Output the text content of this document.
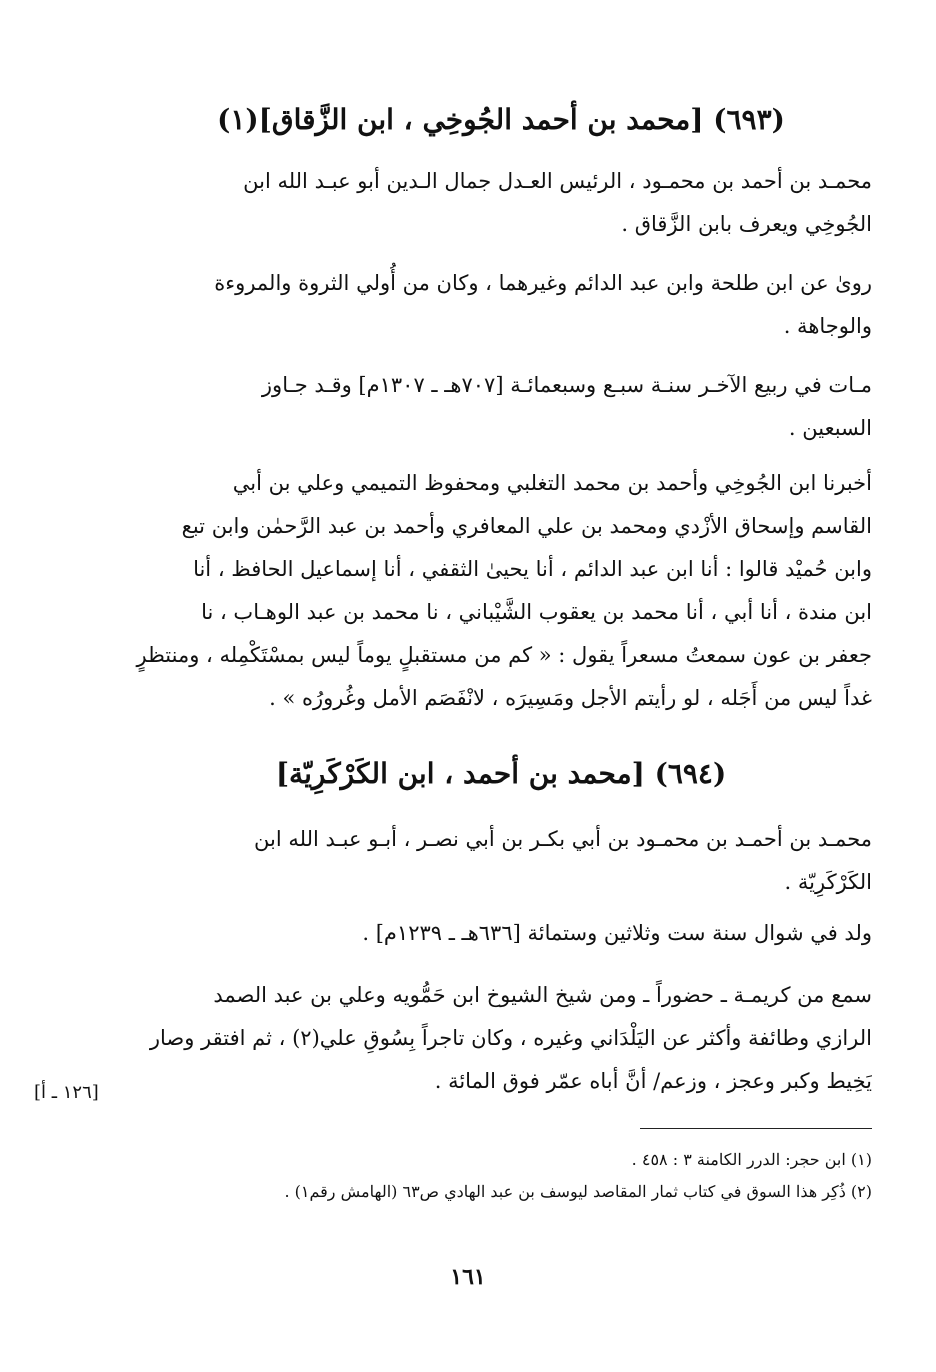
(٦٩٣) [محمد بن أحمد الجُوخِي ، ابن الزَّقاق](١)
محمـد بن أحمد بن محمـود ، الرئيس العـدل جمال الـدين أبو عبـد الله ابن
الجُوخِي ويعرف بابن الزَّقاق .
روىٰ عن ابن طلحة وابن عبد الدائم وغيرهما ، وكان من أُولي الثروة والمروءة
والوجاهة .
مـات في ربيع الآخـر سنـة سبـع وسبعمائـة [٧٠٧هـ ـ ١٣٠٧م] وقـد جـاوز
السبعين .
أخبرنا ابن الجُوخِي وأحمد بن محمد التغلبي ومحفوظ التميمي وعلي بن أبي
القاسم وإسحاق الأزْدي ومحمد بن علي المعافري وأحمد بن عبد الرَّحمٰن وابن تبع
وابن حُميْد قالوا : أنا ابن عبد الدائم ، أنا يحيىٰ الثقفي ، أنا إسماعيل الحافظ ، أنا
ابن مندة ، أنا أبي ، أنا محمد بن يعقوب الشَّيْباني ، نا محمد بن عبد الوهـاب ، نا
جعفر بن عون سمعتُ مسعراً يقول : « كم من مستقبلٍ يوماً ليس بمسْتَكْمِله ، ومنتظرٍ
غداً ليس من أَجَله ، لو رأيتم الأجل ومَسِيرَه ، لانْفَصَم الأمل وغُرورُه » .
(٦٩٤) [محمد بن أحمد ، ابن الكَرْكَرِيّة]
محمـد بن أحمـد بن محمـود بن أبي بكـر بن أبي نصـر ، أبـو عبـد الله ابن
الكَرْكَرِيّة .
ولد في شوال سنة ست وثلاثين وستمائة [٦٣٦هـ ـ ١٢٣٩م] .
سمع من كريمـة ـ حضوراً ـ ومن شيخ الشيوخ ابن حَمُّويه وعلي بن عبد الصمد
الرازي وطائفة وأكثر عن اليَلْدَاني وغيره ، وكان تاجراً بِسُوقِ علي(٢) ، ثم افتقر وصار
يَخِيط وكبر وعجز ، وزعم/ أنَّ أباه عمّر فوق المائة .
[١٢٦ ـ أ]
(١) ابن حجر: الدرر الكامنة ٣ : ٤٥٨ .
(٢) ذُكِر هذا السوق في كتاب ثمار المقاصد ليوسف بن عبد الهادي ص٦٣ (الهامش رقم١) .
١٦١
